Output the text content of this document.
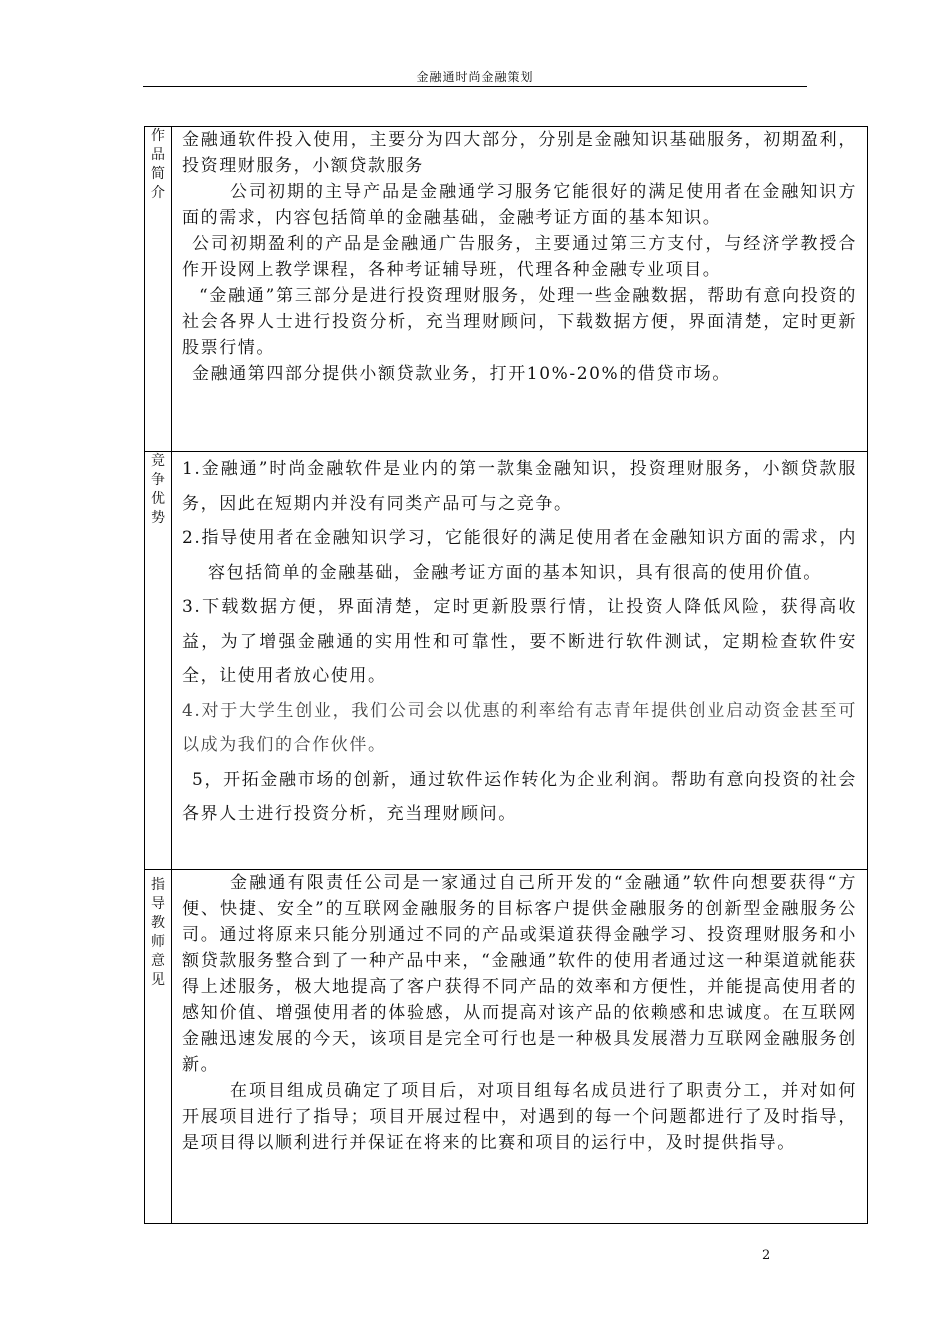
金融通时尚金融策划
作品简介	金融通软件投入使用，主要分为四大部分，分别是金融知识基础服务，初期盈利，投资理财服务，小额贷款服务

公司初期的主导产品是金融通学习服务它能很好的满足使用者在金融知识方面的需求，内容包括简单的金融基础，金融考证方面的基本知识。

公司初期盈利的产品是金融通广告服务，主要通过第三方支付，与经济学教授合作开设网上教学课程，各种考证辅导班，代理各种金融专业项目。

“金融通”第三部分是进行投资理财服务，处理一些金融数据，帮助有意向投资的社会各界人士进行投资分析，充当理财顾问，下载数据方便，界面清楚，定时更新股票行情。

金融通第四部分提供小额贷款业务，打开10%-20%的借贷市场。

竞争优势	1.金融通”时尚金融软件是业内的第一款集金融知识，投资理财服务，小额贷款服务，因此在短期内并没有同类产品可与之竞争。

2.指导使用者在金融知识学习，它能很好的满足使用者在金融知识方面的需求，内容包括简单的金融基础，金融考证方面的基本知识，具有很高的使用价值。

3.下载数据方便，界面清楚，定时更新股票行情，让投资人降低风险，获得高收益，为了增强金融通的实用性和可靠性，要不断进行软件测试，定期检查软件安全，让使用者放心使用。

4.对于大学生创业，我们公司会以优惠的利率给有志青年提供创业启动资金甚至可以成为我们的合作伙伴。

5，开拓金融市场的创新，通过软件运作转化为企业利润。帮助有意向投资的社会各界人士进行投资分析，充当理财顾问。

指导教师意见	金融通有限责任公司是一家通过自己所开发的“金融通”软件向想要获得“方便、快捷、安全”的互联网金融服务的目标客户提供金融服务的创新型金融服务公司。通过将原来只能分别通过不同的产品或渠道获得金融学习、投资理财服务和小额贷款服务整合到了一种产品中来，“金融通”软件的使用者通过这一种渠道就能获得上述服务，极大地提高了客户获得不同产品的效率和方便性，并能提高使用者的感知价值、增强使用者的体验感，从而提高对该产品的依赖感和忠诚度。在互联网金融迅速发展的今天，该项目是完全可行也是一种极具发展潜力互联网金融服务创新。

在项目组成员确定了项目后，对项目组每名成员进行了职责分工，并对如何开展项目进行了指导；项目开展过程中，对遇到的每一个问题都进行了及时指导，是项目得以顺利进行并保证在将来的比赛和项目的运行中，及时提供指导。

2
